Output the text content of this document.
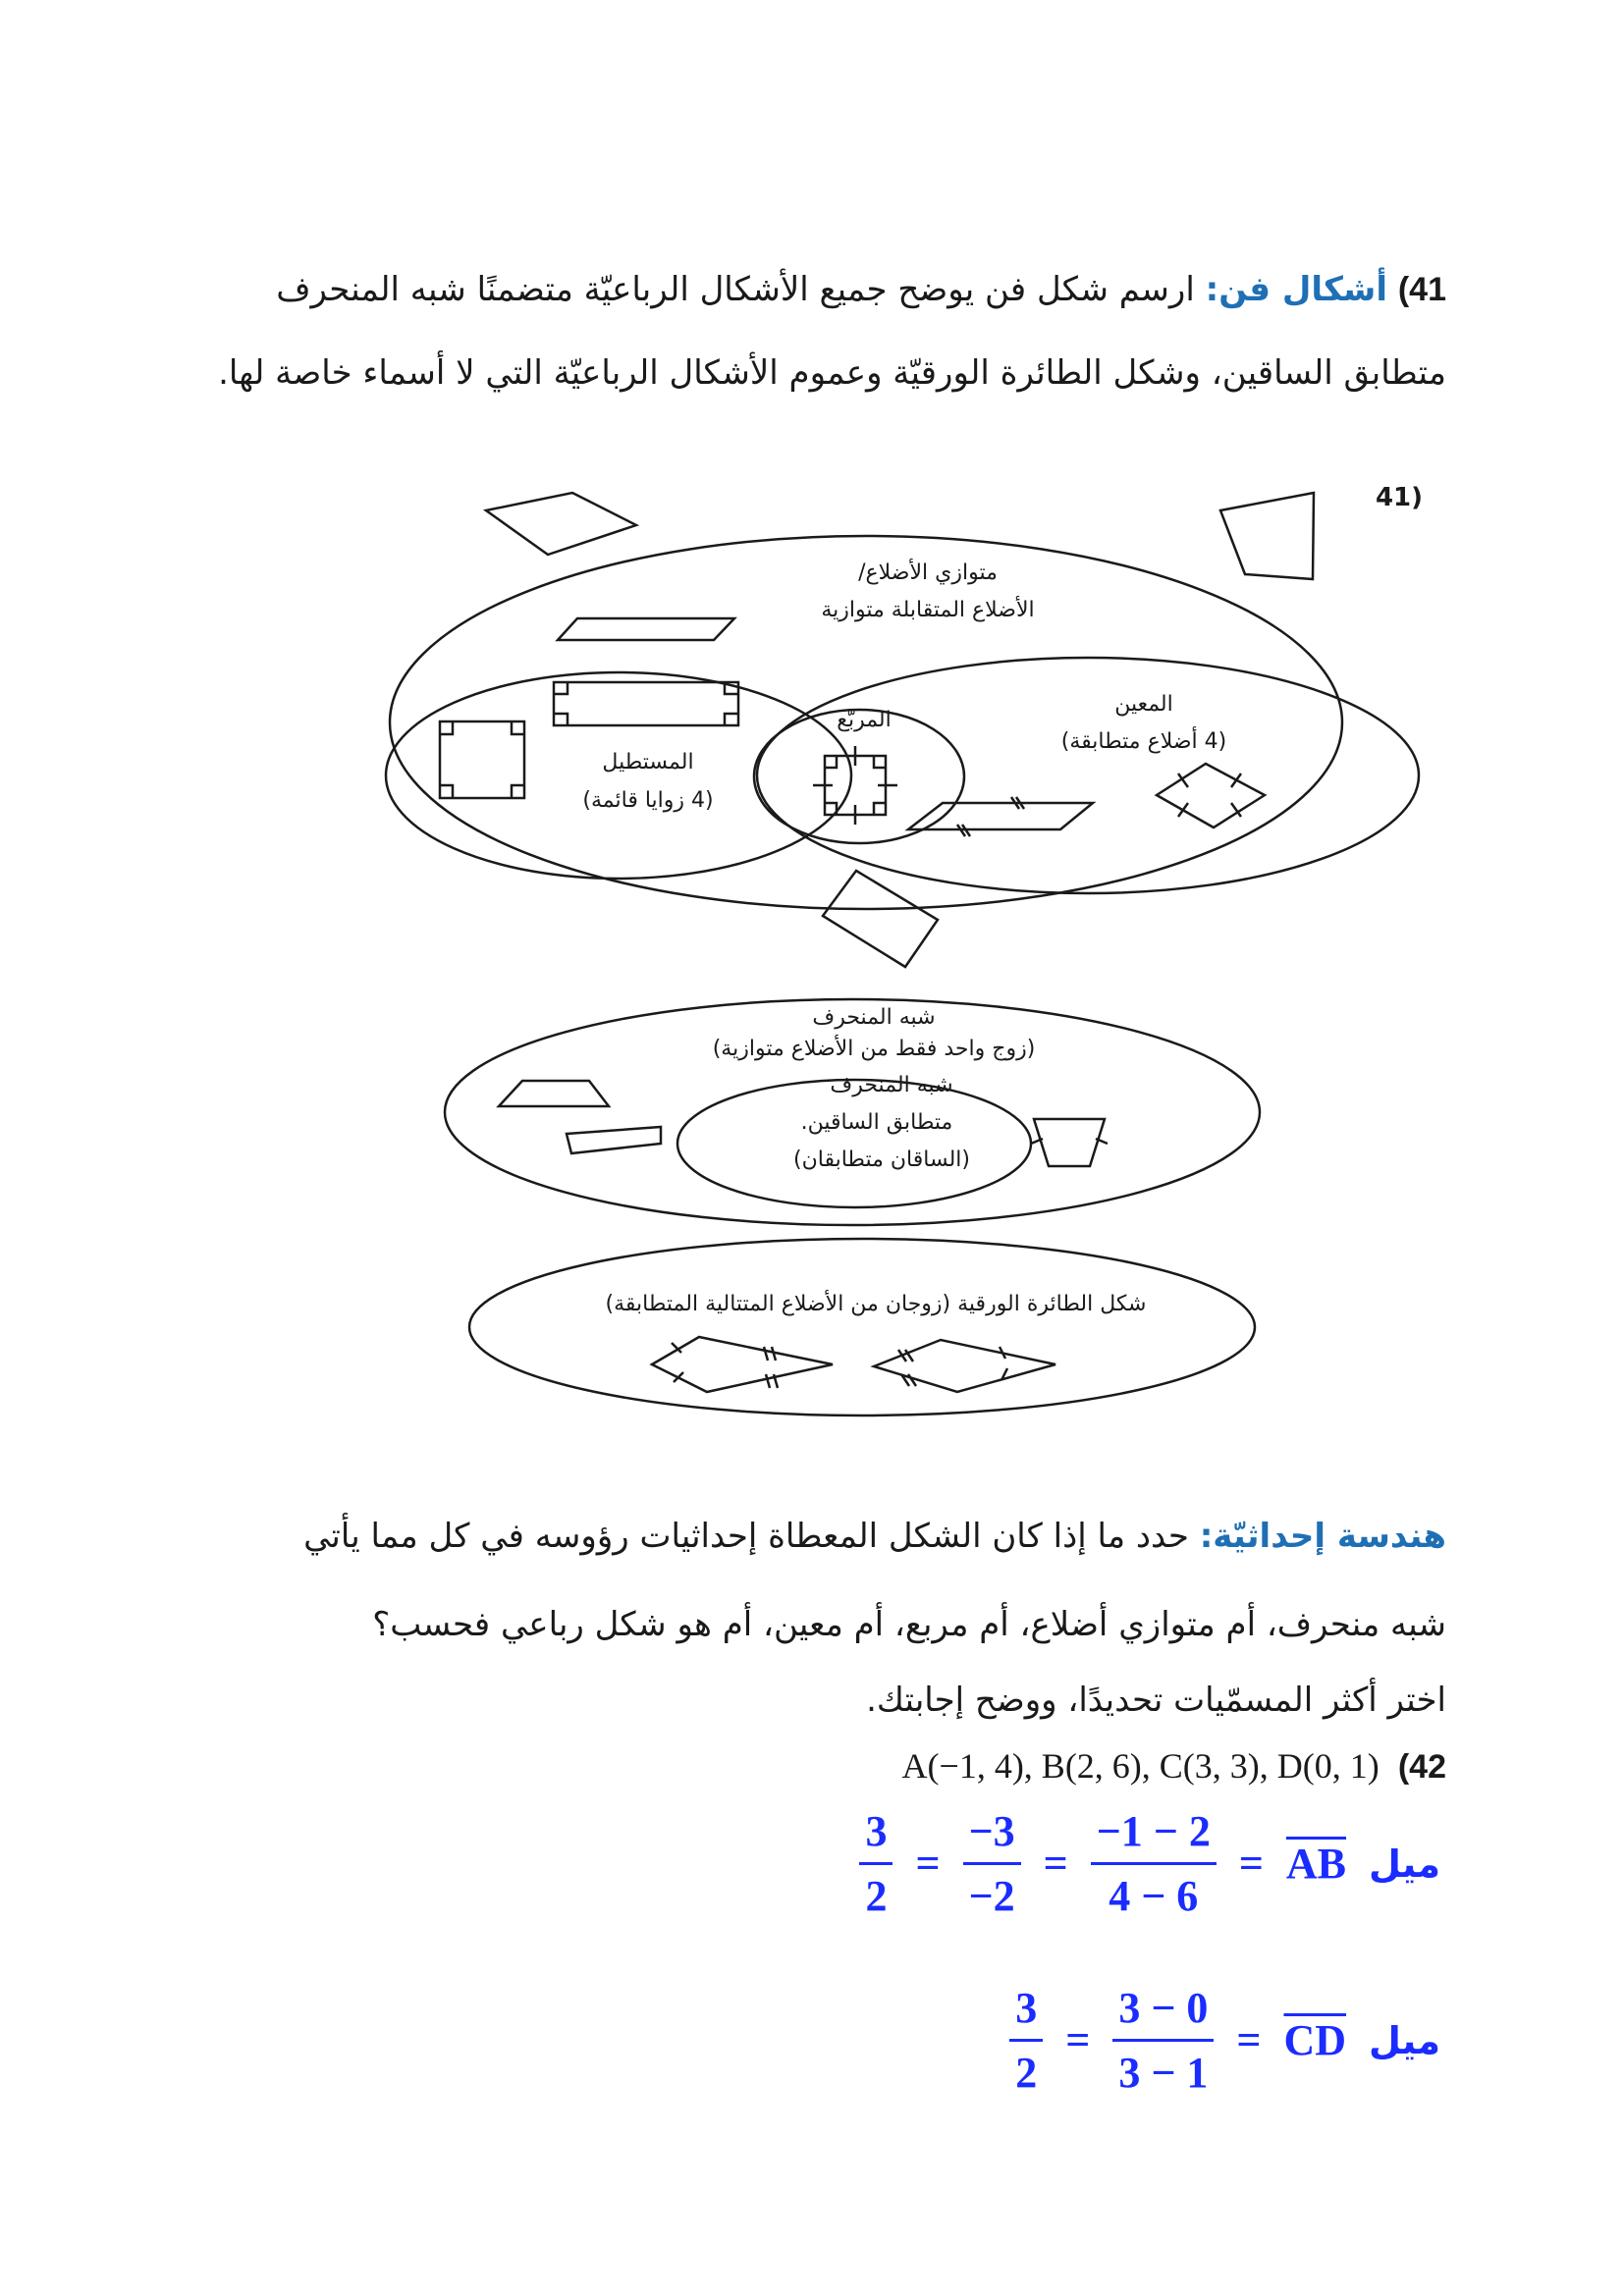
41) أشكال فن: ارسم شكل فن يوضح جميع الأشكال الرباعيّة متضمنًا شبه المنحرف
متطابق الساقين، وشكل الطائرة الورقيّة وعموم الأشكال الرباعيّة التي لا أسماء خاصة لها.
(41
متوازي الأضلاع/
الأضلاع المتقابلة متوازية
المربّع
المستطيل
(4 زوايا قائمة)
المعين
(4 أضلاع متطابقة)
شبه المنحرف
(زوج واحد فقط من الأضلاع متوازية)
شبه المنحرف
متطابق الساقين.
(الساقان متطابقان)
شكل الطائرة الورقية (زوجان من الأضلاع المتتالية المتطابقة)
هندسة إحداثيّة: حدد ما إذا كان الشكل المعطاة إحداثيات رؤوسه في كل مما يأتي
شبه منحرف، أم متوازي أضلاع، أم مربع، أم معين، أم هو شكل رباعي فحسب؟
اختر أكثر المسمّيات تحديدًا، ووضح إجابتك.
A(−1, 4), B(2, 6), C(3, 3), D(0, 1) (42
$\frac{3}{2} = \frac{-3}{-2} = \frac{-1 - 2}{4 - 6} = \overline{AB}$ ميل
$\frac{3}{2} = \frac{3 - 0}{3 - 1} = \overline{CD}$ ميل
